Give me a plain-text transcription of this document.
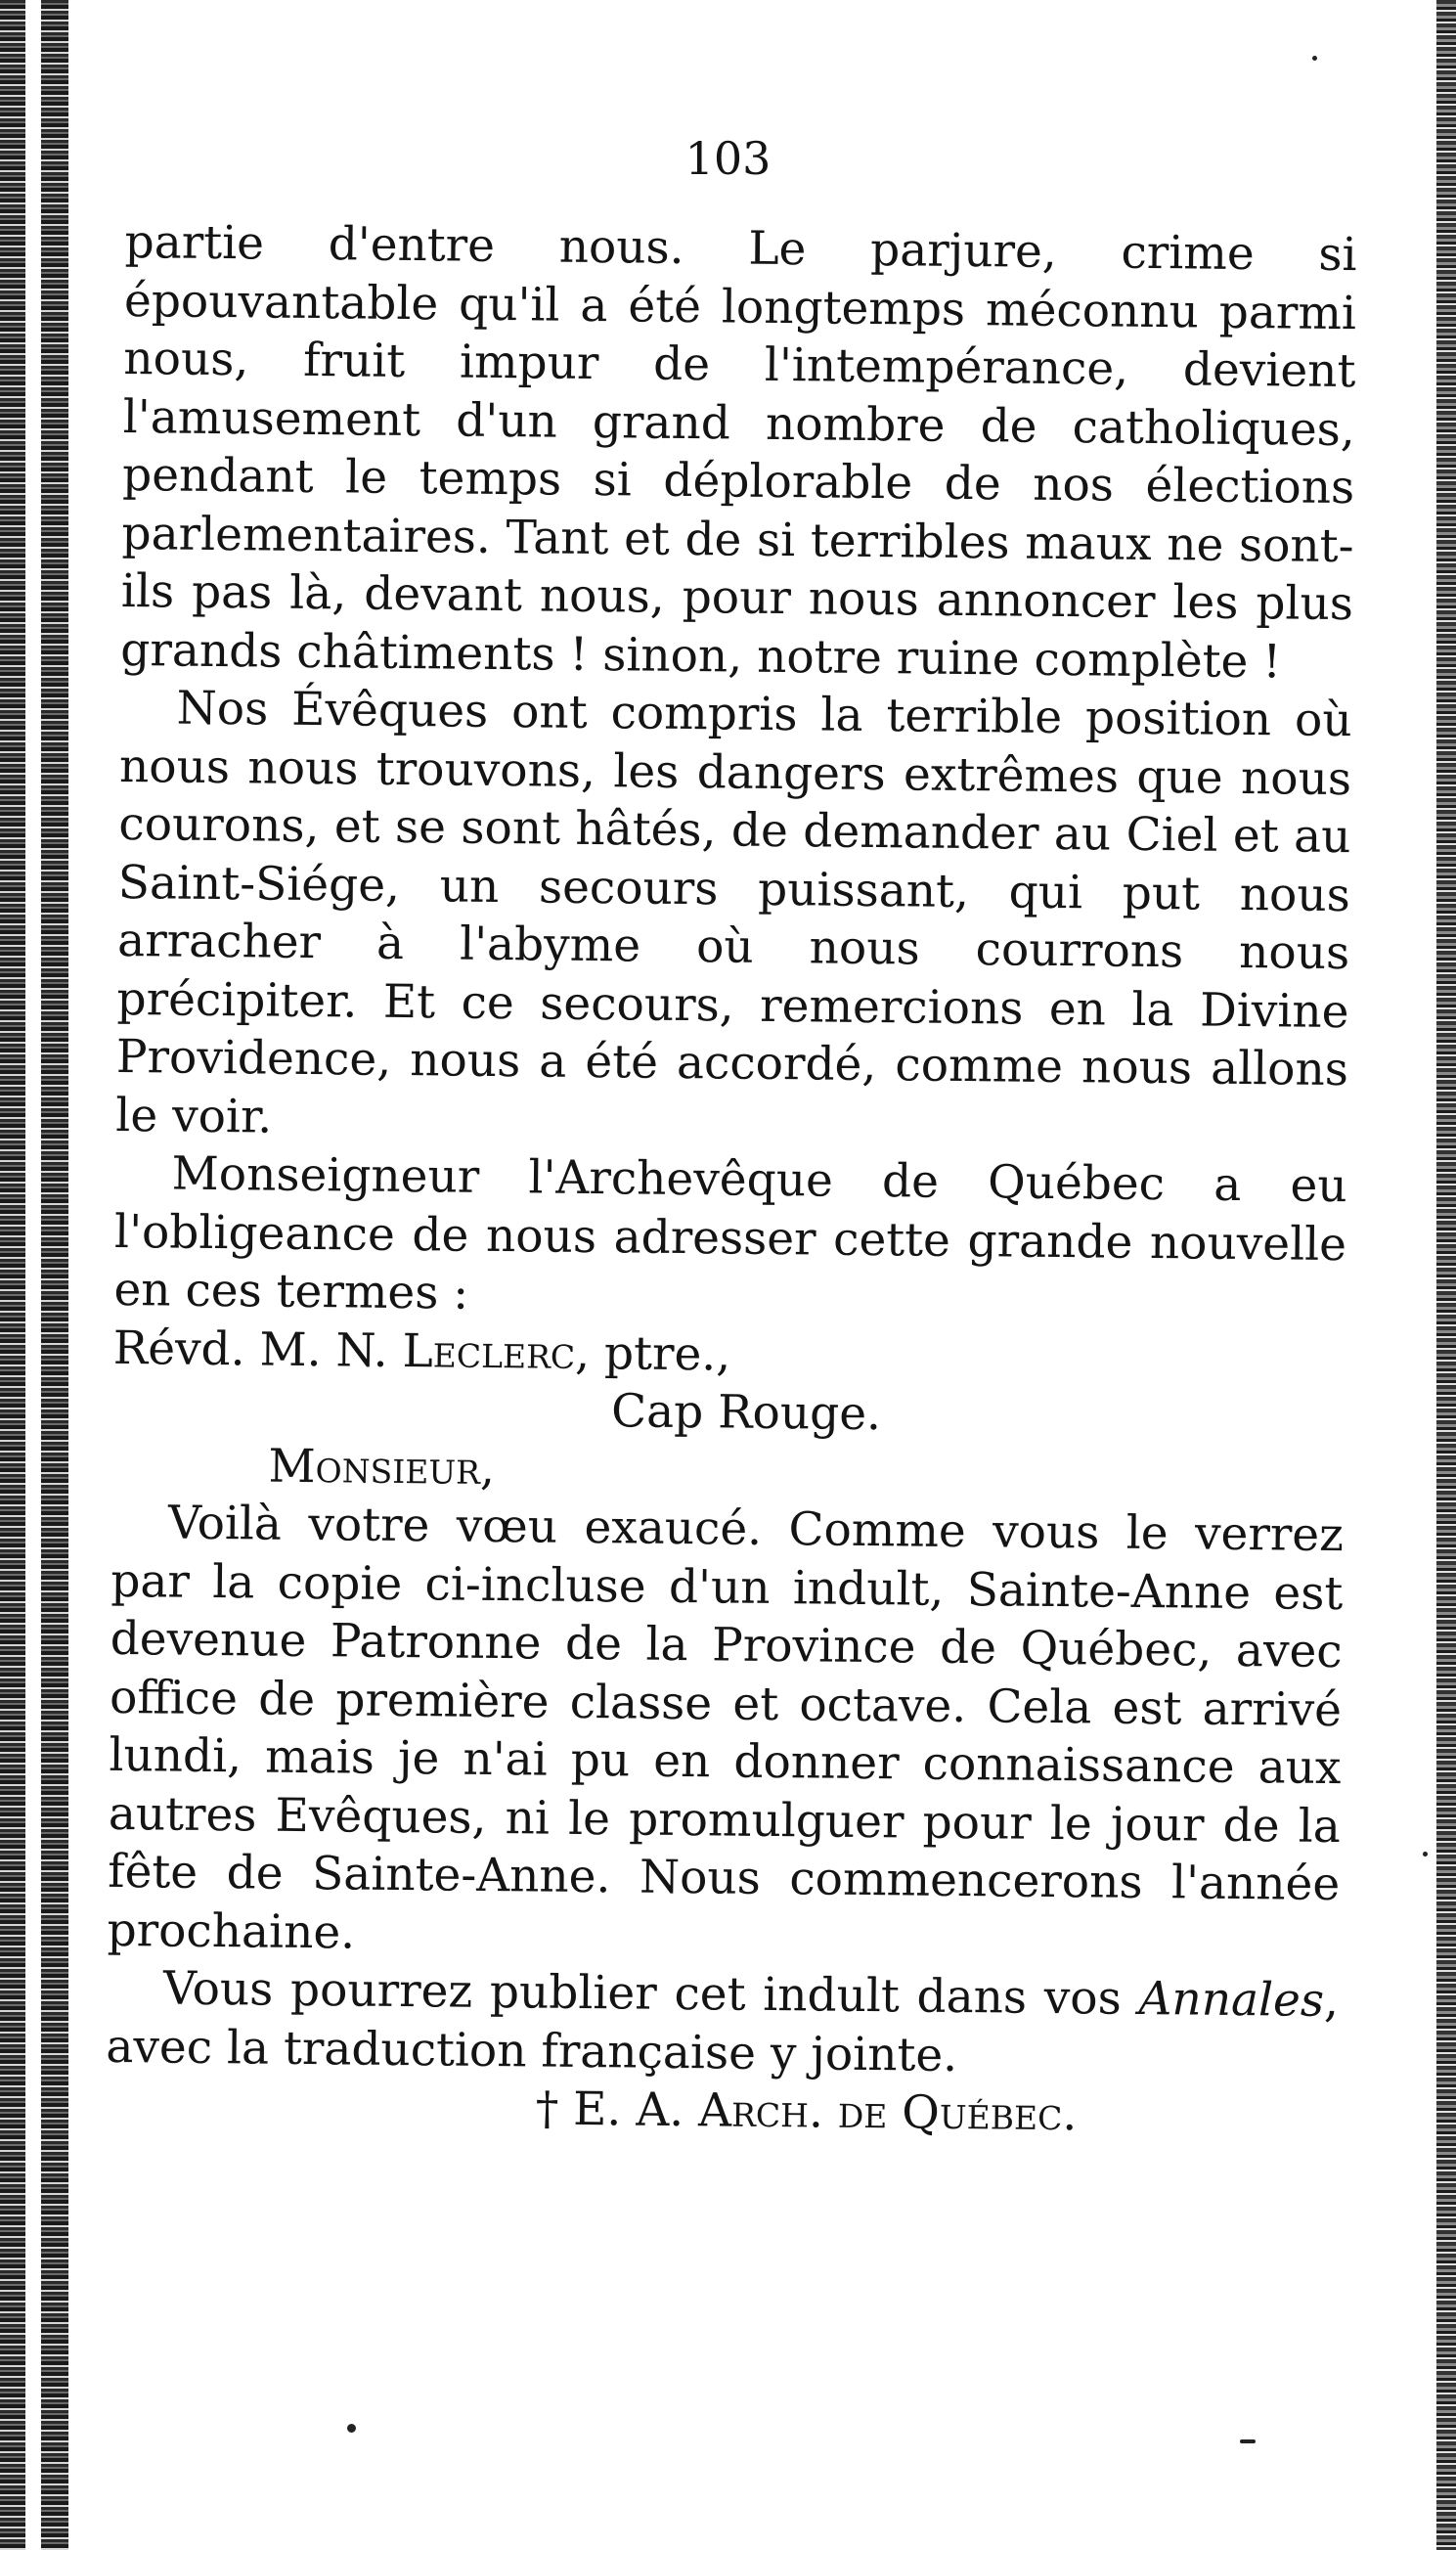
103

partie d'entre nous. Le parjure, crime si épouvantable qu'il a été longtemps méconnu parmi nous, fruit impur de l'intempérance, devient l'amusement d'un grand nombre de catholiques, pendant le temps si déplorable de nos élections parlementaires. Tant et de si terribles maux ne sont-ils pas là, devant nous, pour nous annoncer les plus grands châtiments ! sinon, notre ruine complète !

Nos Évêques ont compris la terrible position où nous nous trouvons, les dangers extrêmes que nous courons, et se sont hâtés, de demander au Ciel et au Saint-Siége, un secours puissant, qui put nous arracher à l'abyme où nous courrons nous précipiter. Et ce secours, remercions en la Divine Providence, nous a été accordé, comme nous allons le voir.

Monseigneur l'Archevêque de Québec a eu l'obligeance de nous adresser cette grande nouvelle en ces termes :

Révd. M. N. Leclerc, ptre.,

Cap Rouge.

Monsieur,

Voilà votre vœu exaucé. Comme vous le verrez par la copie ci-incluse d'un indult, Sainte-Anne est devenue Patronne de la Province de Québec, avec office de première classe et octave. Cela est arrivé lundi, mais je n'ai pu en donner connaissance aux autres Evêques, ni le promulguer pour le jour de la fête de Sainte-Anne. Nous commencerons l'année prochaine.

Vous pourrez publier cet indult dans vos Annales, avec la traduction française y jointe.

† E. A. Arch. de Québec.
